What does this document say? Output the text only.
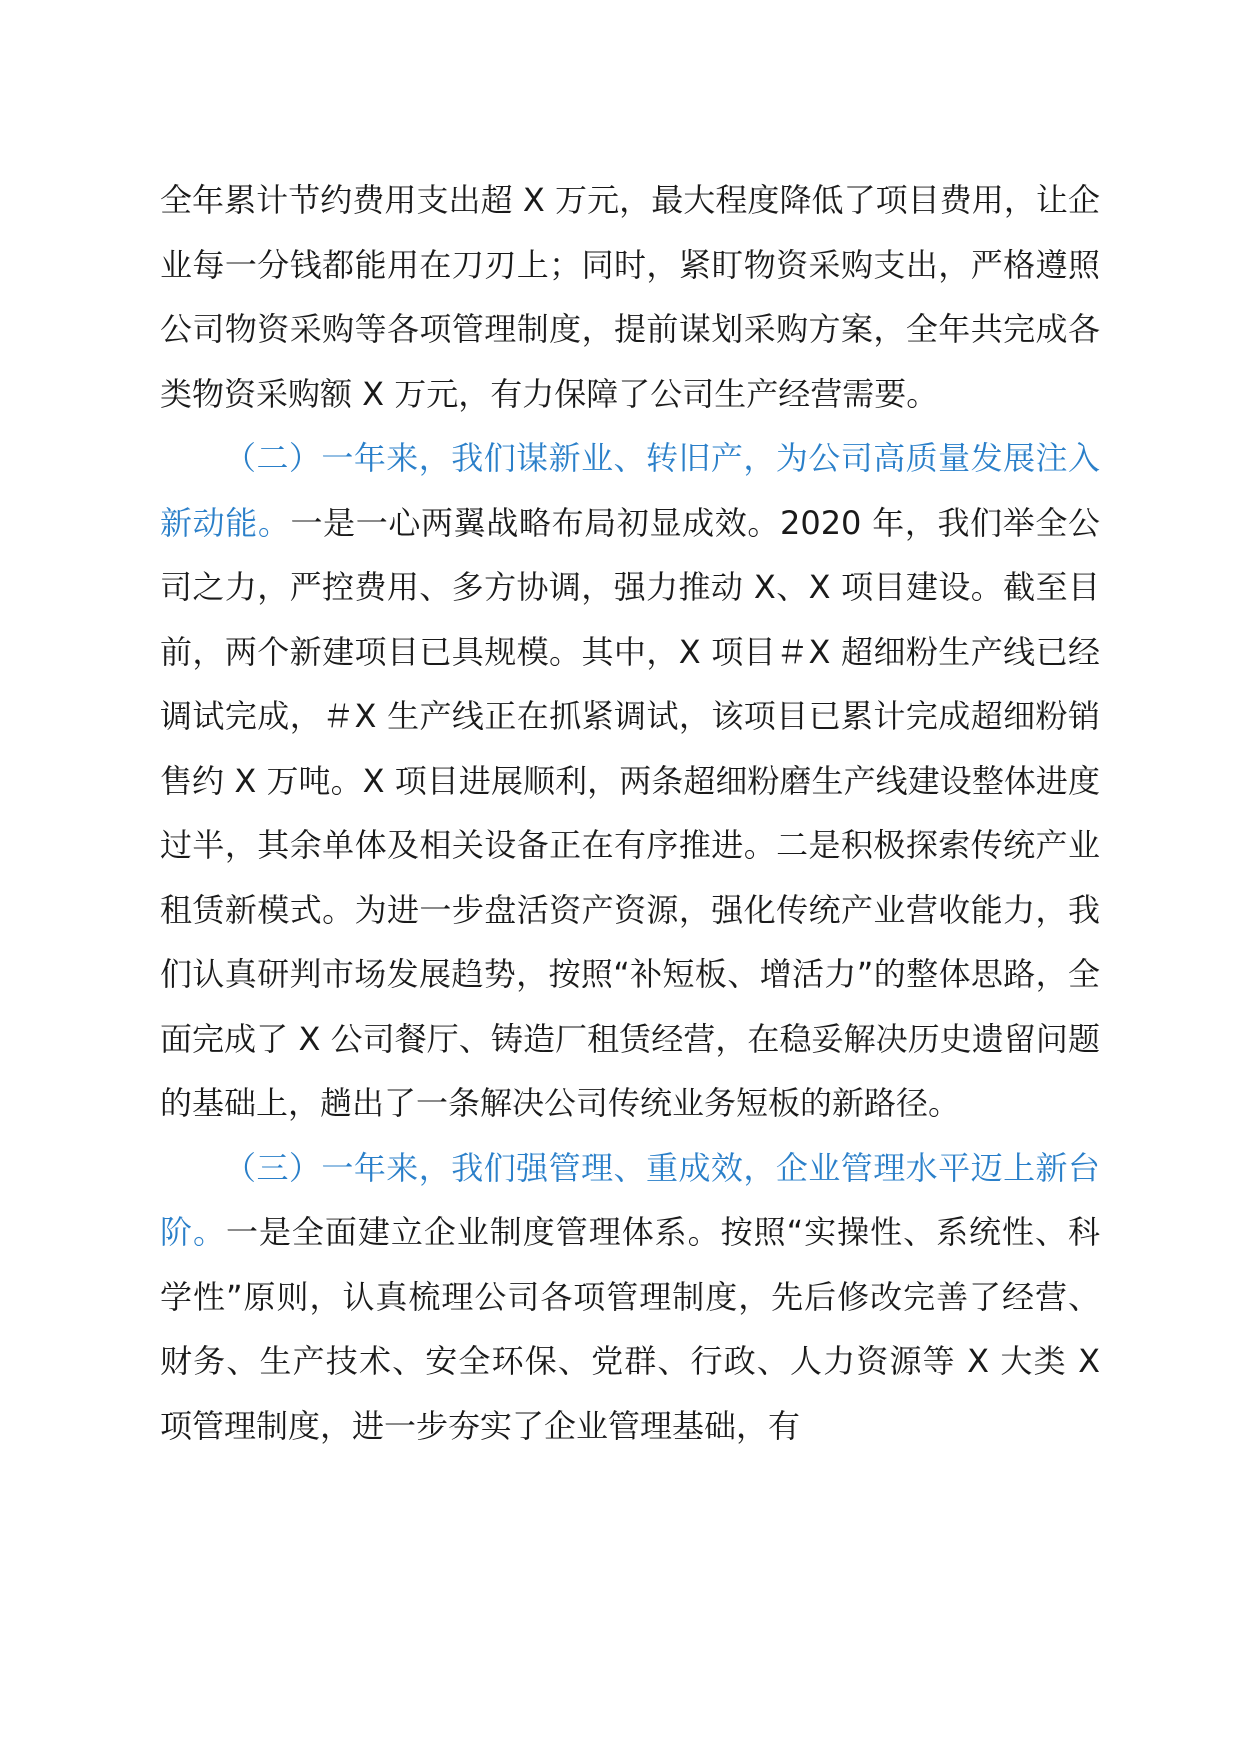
全年累计节约费用支出超 X 万元，最大程度降低了项目费用，让企业每一分钱都能用在刀刃上；同时，紧盯物资采购支出，严格遵照公司物资采购等各项管理制度，提前谋划采购方案，全年共完成各类物资采购额 X 万元，有力保障了公司生产经营需要。

（二）一年来，我们谋新业、转旧产，为公司高质量发展注入新动能。一是一心两翼战略布局初显成效。2020 年，我们举全公司之力，严控费用、多方协调，强力推动 X、X 项目建设。截至目前，两个新建项目已具规模。其中，X 项目＃X 超细粉生产线已经调试完成，＃X 生产线正在抓紧调试，该项目已累计完成超细粉销售约 X 万吨。X 项目进展顺利，两条超细粉磨生产线建设整体进度过半，其余单体及相关设备正在有序推进。二是积极探索传统产业租赁新模式。为进一步盘活资产资源，强化传统产业营收能力，我们认真研判市场发展趋势，按照“补短板、增活力”的整体思路，全面完成了 X 公司餐厅、铸造厂租赁经营，在稳妥解决历史遗留问题的基础上，趟出了一条解决公司传统业务短板的新路径。

（三）一年来，我们强管理、重成效，企业管理水平迈上新台阶。一是全面建立企业制度管理体系。按照“实操性、系统性、科学性”原则，认真梳理公司各项管理制度，先后修改完善了经营、财务、生产技术、安全环保、党群、行政、人力资源等 X 大类 X 项管理制度，进一步夯实了企业管理基础，有
